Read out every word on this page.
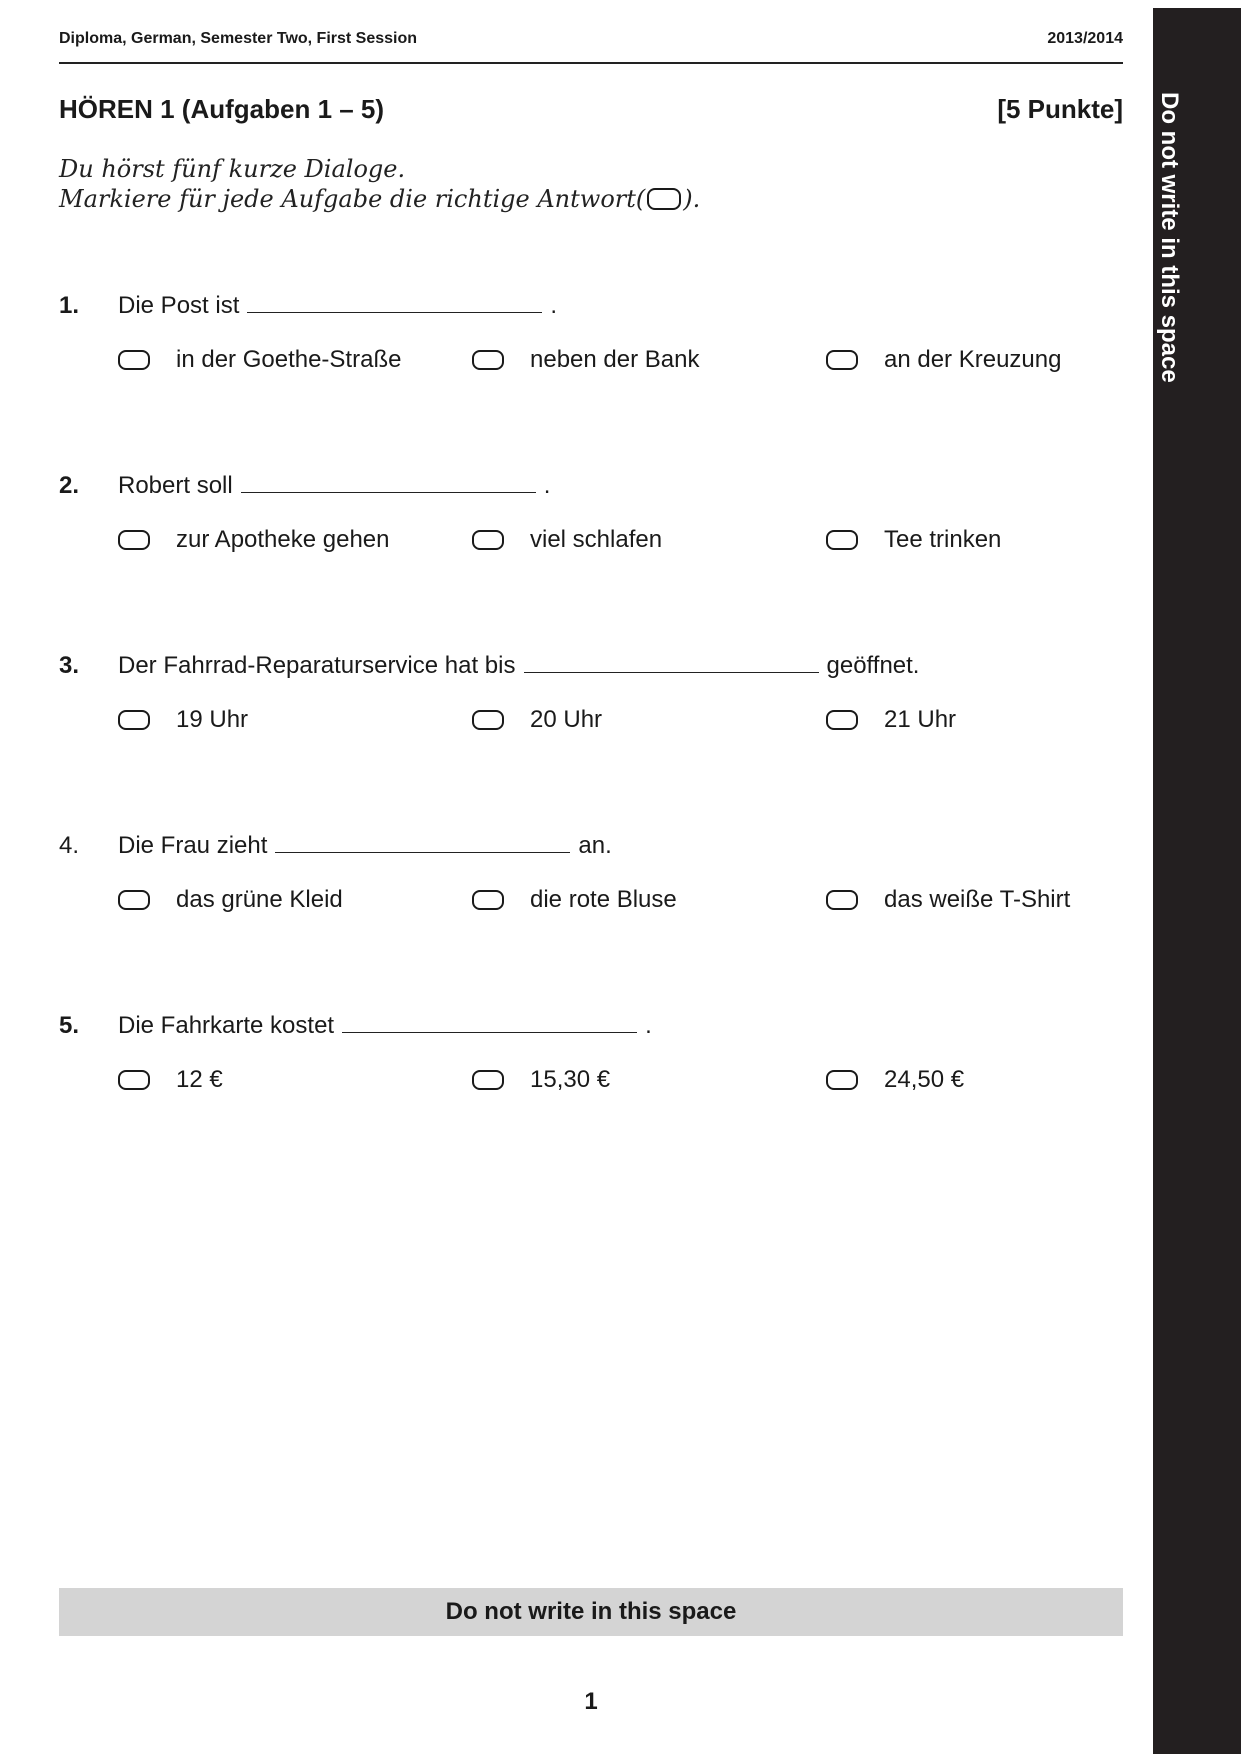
Diploma, German, Semester Two, First Session	2013/2014
HÖREN 1 (Aufgaben 1 – 5)	[5 Punkte]
Du hörst fünf kurze Dialoge.
Markiere für jede Aufgabe die richtige Antwort( ).
1.	Die Post ist	.
in der Goethe-Straße	neben der Bank	an der Kreuzung
2.	Robert soll	.
zur Apotheke gehen	viel schlafen	Tee trinken
3.	Der Fahrrad-Reparaturservice hat bis	geöffnet.
19 Uhr	20 Uhr	21 Uhr
4.	Die Frau zieht	an.
das grüne Kleid	die rote Bluse	das weiße T-Shirt
5.	Die Fahrkarte kostet	.
12 €	15,30 €	24,50 €
Do not write in this space
1
Do not write in this space
